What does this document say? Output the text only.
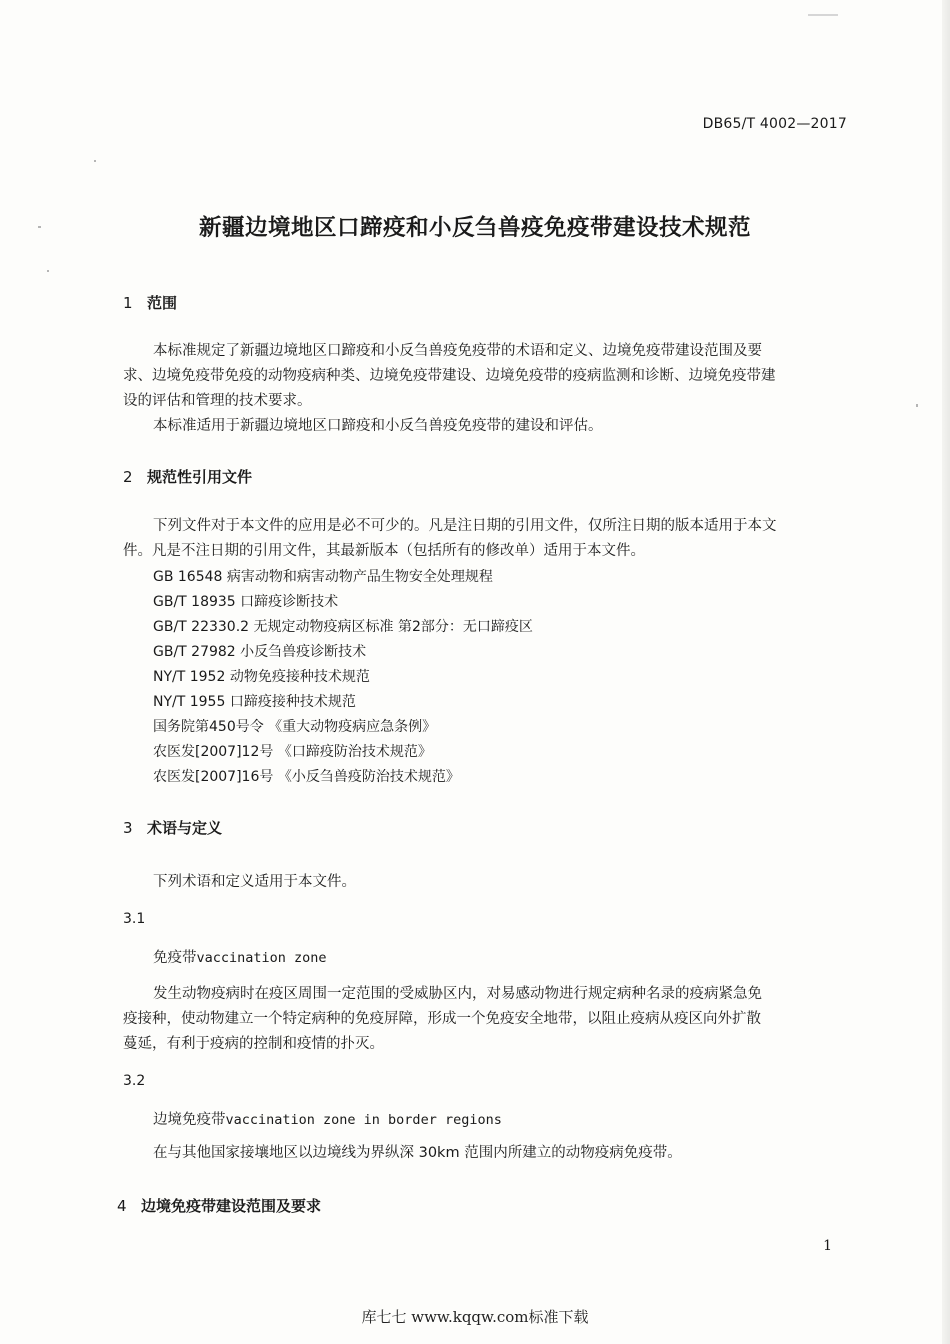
DB65/T 4002—2017
新疆边境地区口蹄疫和小反刍兽疫免疫带建设技术规范
1 范围
本标准规定了新疆边境地区口蹄疫和小反刍兽疫免疫带的术语和定义、边境免疫带建设范围及要
求、边境免疫带免疫的动物疫病种类、边境免疫带建设、边境免疫带的疫病监测和诊断、边境免疫带建
设的评估和管理的技术要求。
本标准适用于新疆边境地区口蹄疫和小反刍兽疫免疫带的建设和评估。
2 规范性引用文件
下列文件对于本文件的应用是必不可少的。凡是注日期的引用文件，仅所注日期的版本适用于本文
件。凡是不注日期的引用文件，其最新版本（包括所有的修改单）适用于本文件。
GB 16548 病害动物和病害动物产品生物安全处理规程
GB/T 18935 口蹄疫诊断技术
GB/T 22330.2 无规定动物疫病区标准 第2部分：无口蹄疫区
GB/T 27982 小反刍兽疫诊断技术
NY/T 1952 动物免疫接种技术规范
NY/T 1955 口蹄疫接种技术规范
国务院第450号令 《重大动物疫病应急条例》
农医发[2007]12号 《口蹄疫防治技术规范》
农医发[2007]16号 《小反刍兽疫防治技术规范》
3 术语与定义
下列术语和定义适用于本文件。
3.1
免疫带vaccination zone
发生动物疫病时在疫区周围一定范围的受威胁区内，对易感动物进行规定病种名录的疫病紧急免
疫接种，使动物建立一个特定病种的免疫屏障，形成一个免疫安全地带，以阻止疫病从疫区向外扩散
蔓延，有利于疫病的控制和疫情的扑灭。
3.2
边境免疫带vaccination zone in border regions
在与其他国家接壤地区以边境线为界纵深 30km 范围内所建立的动物疫病免疫带。
4 边境免疫带建设范围及要求
1
库七七 www.kqqw.com标准下载
